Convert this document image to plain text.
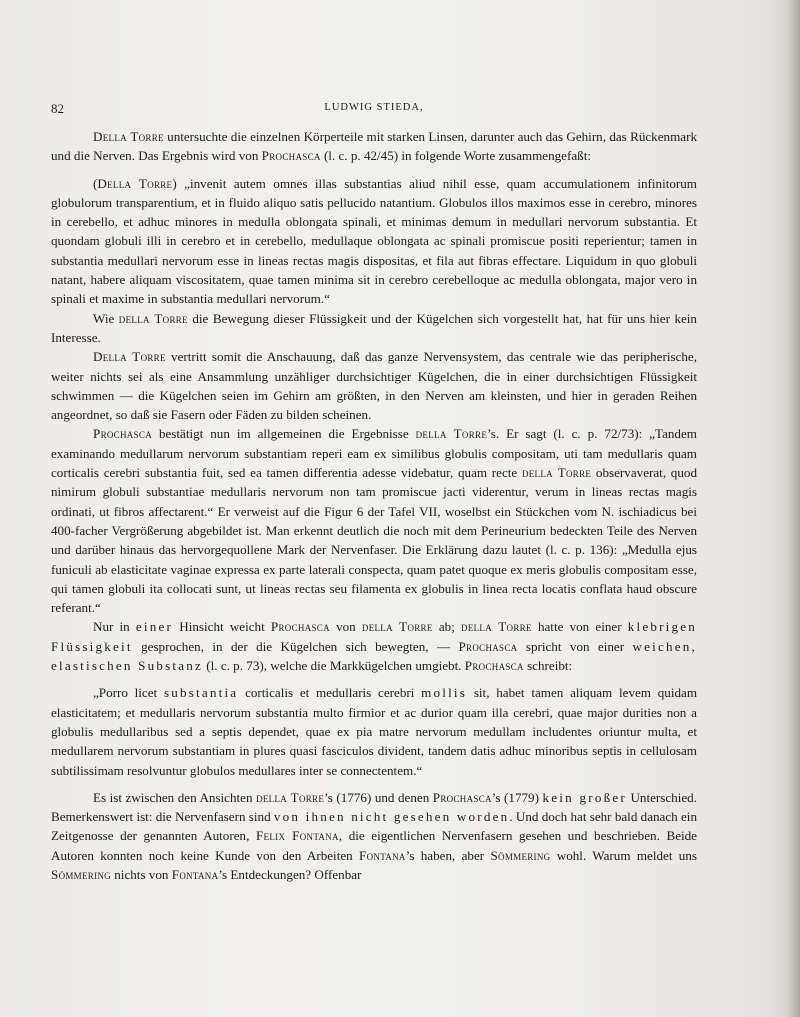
82	LUDWIG STIEDA,

Della Torre untersuchte die einzelnen Körperteile mit starken Linsen, darunter auch das Gehirn, das Rückenmark und die Nerven. Das Ergebnis wird von Prochasca (l. c. p. 42/45) in folgende Worte zusammengefaßt:

(Della Torre) „invenit autem omnes illas substantias aliud nihil esse, quam accumulationem infinitorum globulorum transparentium, et in fluido aliquo satis pellucido natantium. Globulos illos maximos esse in cerebro, minores in cerebello, et adhuc minores in medulla oblongata spinali, et minimas demum in medullari nervorum substantia. Et quondam globuli illi in cerebro et in cerebello, medullaque oblongata ac spinali promiscue positi reperientur; tamen in substantia medullari nervorum esse in lineas rectas magis dispositas, et fila aut fibras effectare. Liquidum in quo globuli natant, habere aliquam viscositatem, quae tamen minima sit in cerebro cerebelloque ac medulla oblongata, major vero in spinali et maxime in substantia medullari nervorum.“

Wie della Torre die Bewegung dieser Flüssigkeit und der Kügelchen sich vorgestellt hat, hat für uns hier kein Interesse.

Della Torre vertritt somit die Anschauung, daß das ganze Nervensystem, das centrale wie das peripherische, weiter nichts sei als eine Ansammlung unzähliger durchsichtiger Kügelchen, die in einer durchsichtigen Flüssigkeit schwimmen — die Kügelchen seien im Gehirn am größten, in den Nerven am kleinsten, und hier in geraden Reihen angeordnet, so daß sie Fasern oder Fäden zu bilden scheinen.

Prochasca bestätigt nun im allgemeinen die Ergebnisse della Torre’s. Er sagt (l. c. p. 72/73): „Tandem examinando medullarum nervorum substantiam reperi eam ex similibus globulis compositam, uti tam medullaris quam corticalis cerebri substantia fuit, sed ea tamen differentia adesse videbatur, quam recte della Torre observaverat, quod nimirum globuli substantiae medullaris nervorum non tam promiscue jacti viderentur, verum in lineas rectas magis ordinati, ut fibros affectarent.“ Er verweist auf die Figur 6 der Tafel VII, woselbst ein Stückchen vom N. ischiadicus bei 400-facher Vergrößerung abgebildet ist. Man erkennt deutlich die noch mit dem Perineurium bedeckten Teile des Nerven und darüber hinaus das hervorgequollene Mark der Nervenfaser. Die Erklärung dazu lautet (l. c. p. 136): „Medulla ejus funiculi ab elasticitate vaginae expressa ex parte laterali conspecta, quam patet quoque ex meris globulis compositam esse, qui tamen globuli ita collocati sunt, ut lineas rectas seu filamenta ex globulis in linea recta locatis conflata haud obscure referant.“

Nur in einer Hinsicht weicht Prochasca von della Torre ab; della Torre hatte von einer klebrigen Flüssigkeit gesprochen, in der die Kügelchen sich bewegten, — Prochasca spricht von einer weichen, elastischen Substanz (l. c. p. 73), welche die Markkügelchen umgiebt. Prochasca schreibt:

„Porro licet substantia corticalis et medullaris cerebri mollis sit, habet tamen aliquam levem quidam elasticitatem; et medullaris nervorum substantia multo firmior et ac durior quam illa cerebri, quae major durities non a globulis medullaribus sed a septis dependet, quae ex pia matre nervorum medullam includentes oriuntur multa, et medullarem nervorum substantiam in plures quasi fasciculos divident, tandem datis adhuc minoribus septis in cellulosam subtilissimam resolvuntur globulos medullares inter se connectentem.“

Es ist zwischen den Ansichten della Torre’s (1776) und denen Prochasca’s (1779) kein großer Unterschied. Bemerkenswert ist: die Nervenfasern sind von ihnen nicht gesehen worden. Und doch hat sehr bald danach ein Zeitgenosse der genannten Autoren, Felix Fontana, die eigentlichen Nervenfasern gesehen und beschrieben. Beide Autoren konnten noch keine Kunde von den Arbeiten Fontana’s haben, aber Sömmering wohl. Warum meldet uns Sömmering nichts von Fontana’s Entdeckungen? Offenbar
